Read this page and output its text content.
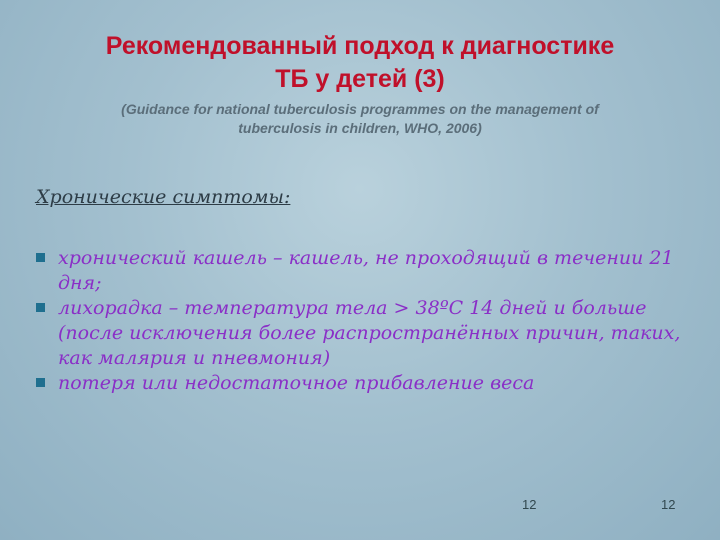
Рекомендованный подход к диагностике
ТБ у детей (3)
(Guidance for national tuberculosis programmes on the management of
tuberculosis in children, WHO, 2006)
Хронические симптомы:
хронический кашель – кашель, не проходящий в течении 21 дня;
лихорадка – температура тела > 38ºC 14 дней и больше (после исключения более распространённых причин, таких, как малярия и пневмония)
потеря или недостаточное прибавление веса
12	12
